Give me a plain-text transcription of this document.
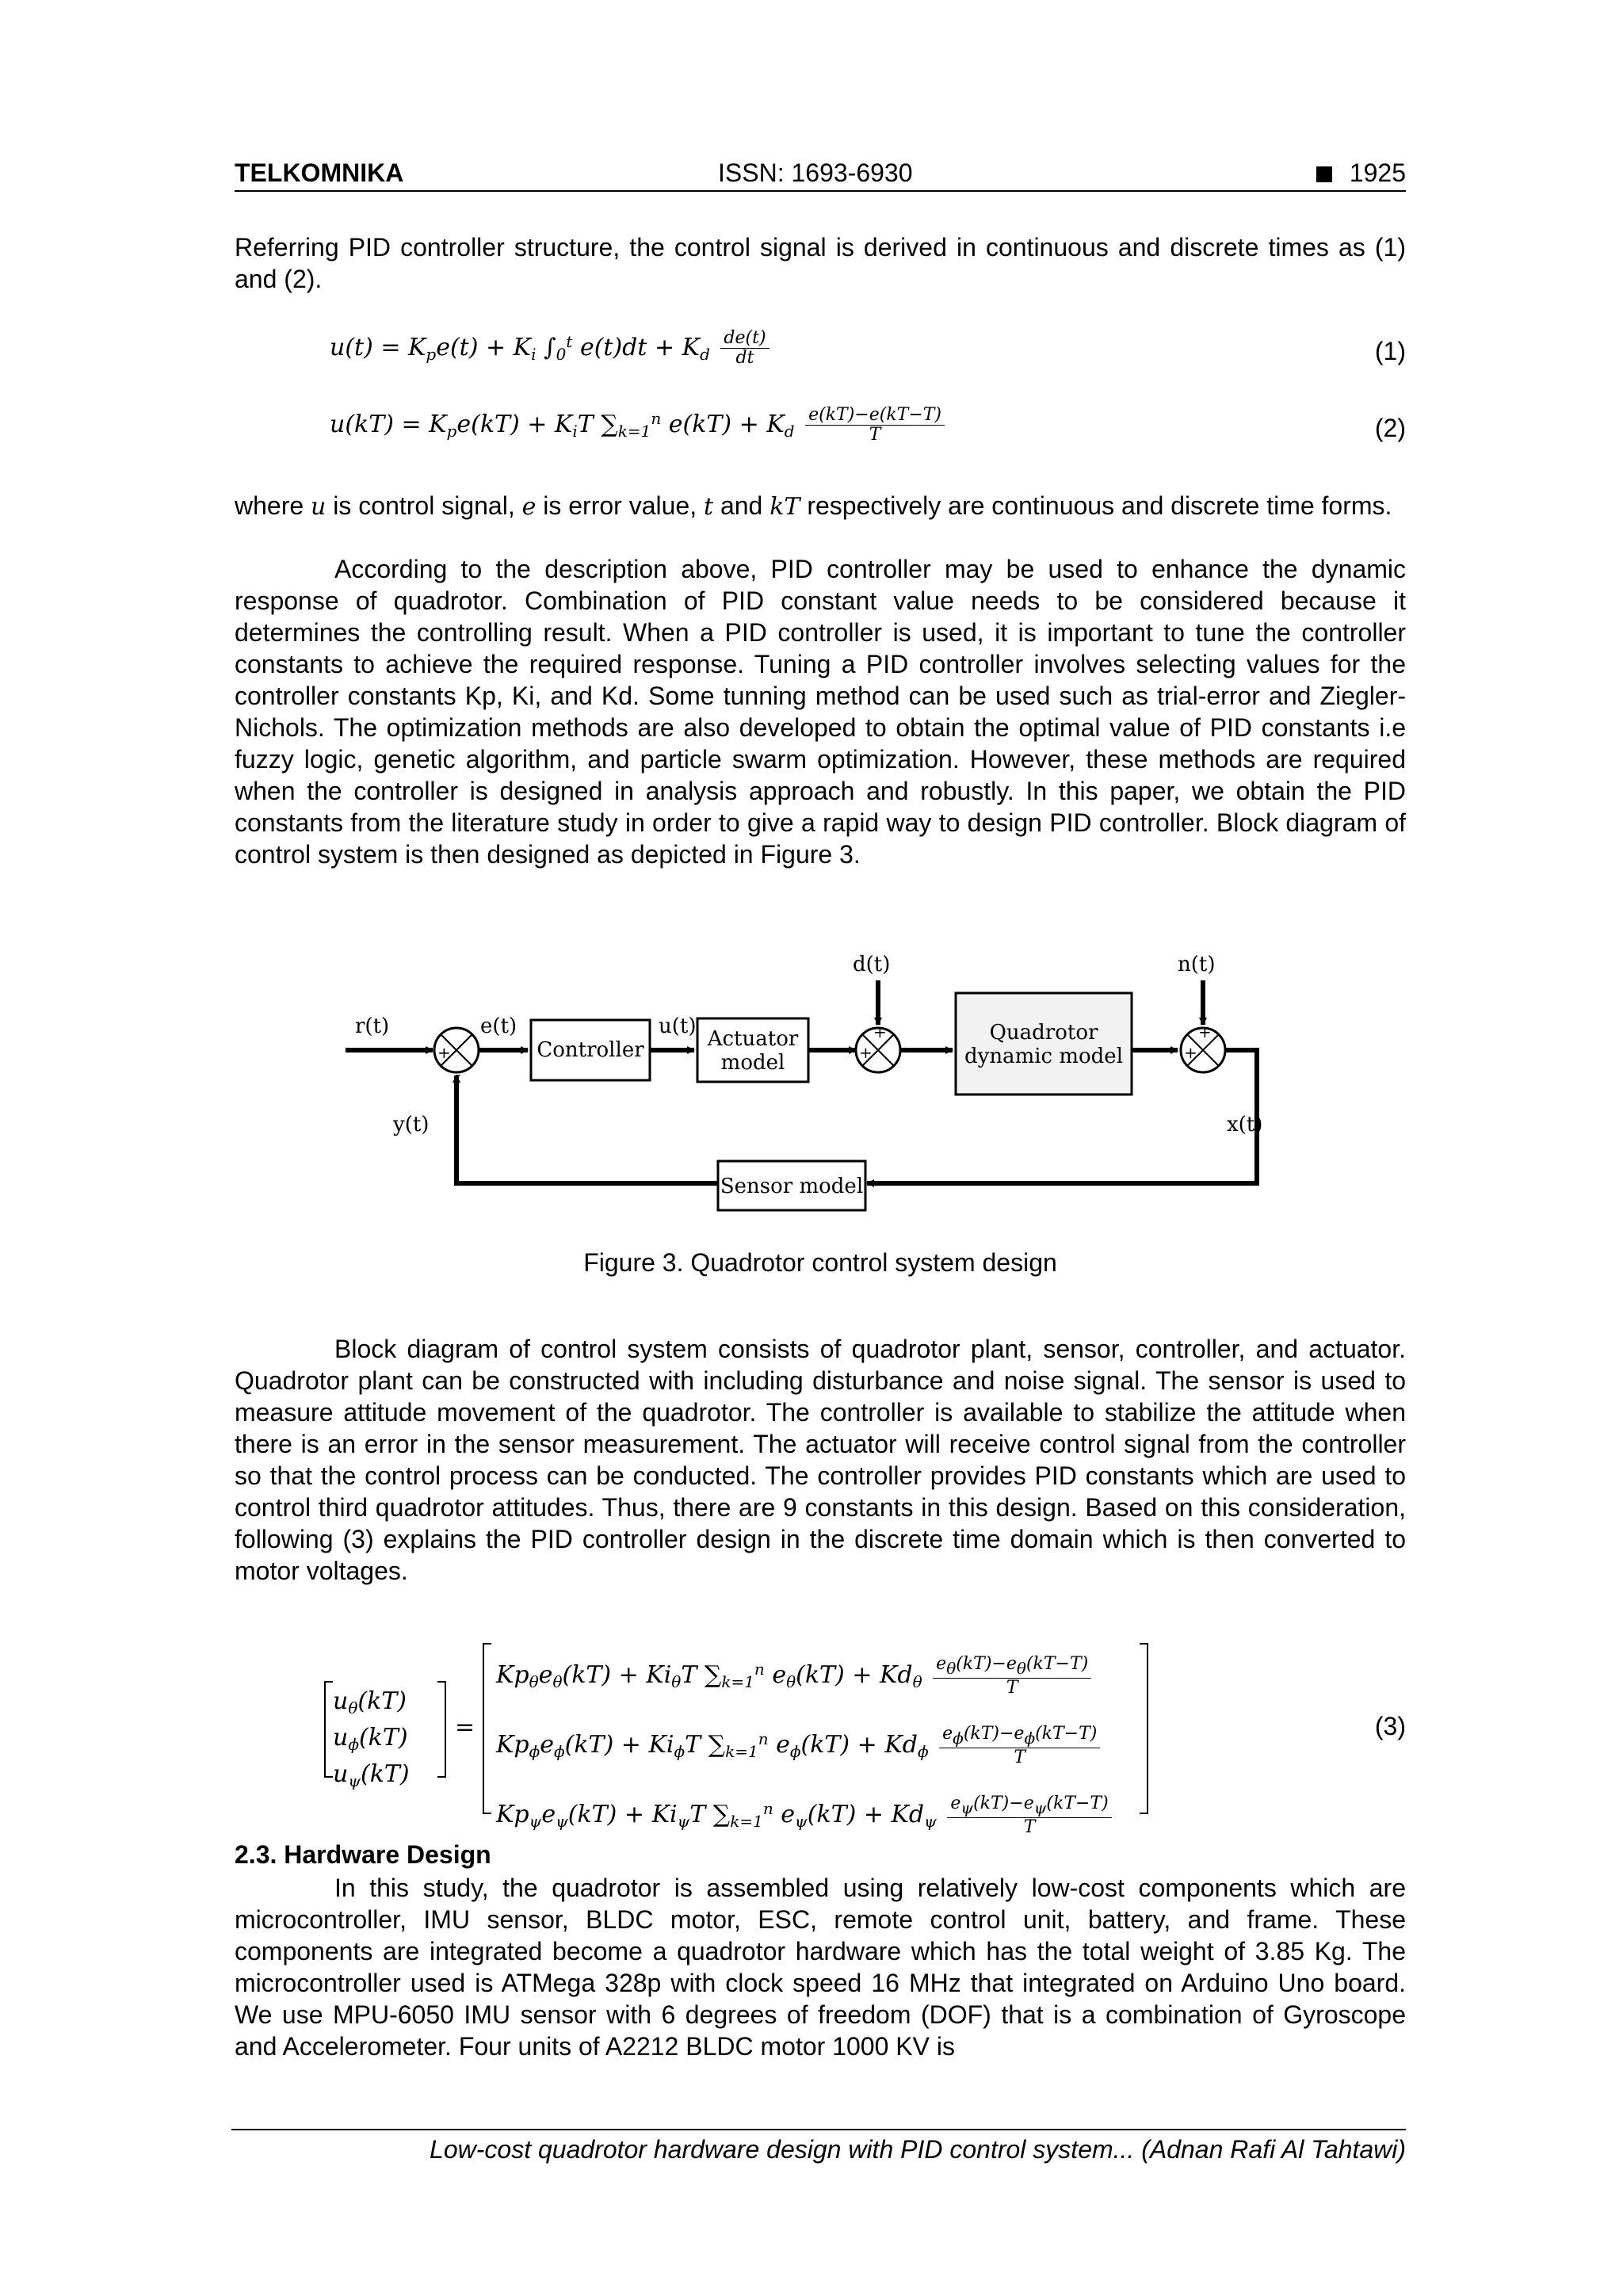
TELKOMNIKA	ISSN: 1693-6930	1925

Referring PID controller structure, the control signal is derived in continuous and discrete times as (1) and (2).

$u(t) = K_pe(t) + K_i$ $\int_0^t$ $e(t)dt + K_d \frac{de(t)}{dt}$	(1)
$u(kT) = K_pe(kT) + K_iT$ $\sum_{k=1}^n$ $e(kT) + K_d \frac{e(kT)-e(kT-T)}{T}$	(2)

where u is control signal, e is error value, t and kT respectively are continuous and discrete time forms.

According to the description above, PID controller may be used to enhance the dynamic response of quadrotor. Combination of PID constant value needs to be considered because it determines the controlling result. When a PID controller is used, it is important to tune the controller constants to achieve the required response. Tuning a PID controller involves selecting values for the controller constants Kp, Ki, and Kd. Some tunning method can be used such as trial-error and Ziegler-Nichols. The optimization methods are also developed to obtain the optimal value of PID constants i.e fuzzy logic, genetic algorithm, and particle swarm optimization. However, these methods are required when the controller is designed in analysis approach and robustly. In this paper, we obtain the PID constants from the literature study in order to give a rapid way to design PID controller. Block diagram of control system is then designed as depicted in Figure 3.

r(t)
+
-
e(t)
Controller
u(t)
Actuator
model
d(t)
+
+	Quadrotor
dynamic model
n(t)
+
+
x(t)
Sensor model
y(t)
Figure 3. Quadrotor control system design

Block diagram of control system consists of quadrotor plant, sensor, controller, and actuator. Quadrotor plant can be constructed with including disturbance and noise signal. The sensor is used to measure attitude movement of the quadrotor. The controller is available to stabilize the attitude when there is an error in the sensor measurement. The actuator will receive control signal from the controller so that the control process can be conducted. The controller provides PID constants which are used to control third quadrotor attitudes. Thus, there are 9 constants in this design. Based on this consideration, following (3) explains the PID controller design in the discrete time domain which is then converted to motor voltages.

$u_\theta(kT)$
$u_\phi(kT)$
$u_\psi(kT)$
=
$Kp_\theta e_\theta(kT) + Ki_\theta T$ $\sum_{k=1}^n$ $e_\theta(kT) + Kd_\theta \frac{e\theta(kT)-e\theta(kT-T)}{T}$
$Kp_\phi e_\phi(kT) + Ki_\phi T$ $\sum_{k=1}^n$ $e_\phi(kT) + Kd_\phi \frac{e\phi(kT)-e\phi(kT-T)}{T}$
$Kp_\psi e_\psi(kT) + Ki_\psi T$ $\sum_{k=1}^n$ $e_\psi(kT) + Kd_\psi \frac{e\psi(kT)-e\psi(kT-T)}{T}$
(3)
2.3. Hardware Design

In this study, the quadrotor is assembled using relatively low-cost components which are microcontroller, IMU sensor, BLDC motor, ESC, remote control unit, battery, and frame. These components are integrated become a quadrotor hardware which has the total weight of 3.85 Kg. The microcontroller used is ATMega 328p with clock speed 16 MHz that integrated on Arduino Uno board. We use MPU-6050 IMU sensor with 6 degrees of freedom (DOF) that is a combination of Gyroscope and Accelerometer. Four units of A2212 BLDC motor 1000 KV is

Low-cost quadrotor hardware design with PID control system... (Adnan Rafi Al Tahtawi)
